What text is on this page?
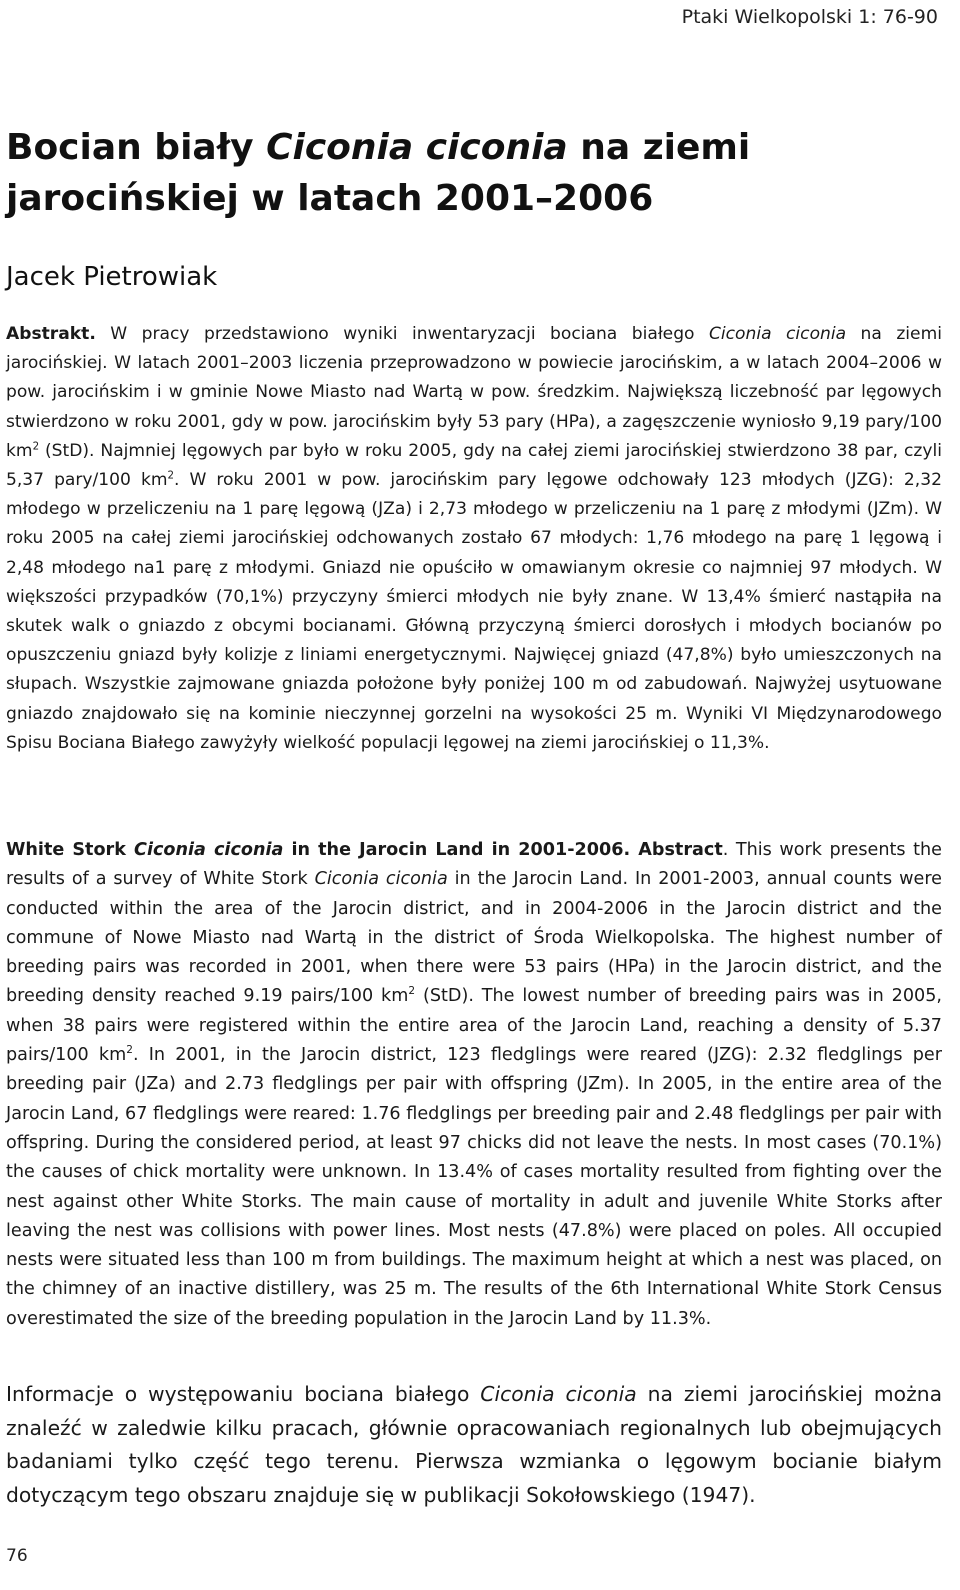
Ptaki Wielkopolski 1: 76-90
Bocian biały Ciconia ciconia na ziemi jarocińskiej w latach 2001–2006
Jacek Pietrowiak

Abstrakt. W pracy przedstawiono wyniki inwentaryzacji bociana białego Ciconia ciconia na ziemi jarocińskiej. W latach 2001–2003 liczenia przeprowadzono w powiecie jarocińskim, a w latach 2004–2006 w pow. jarocińskim i w gminie Nowe Miasto nad Wartą w pow. średzkim. Największą liczebność par lęgowych stwierdzono w roku 2001, gdy w pow. jarocińskim były 53 pary (HPa), a zagęszczenie wyniosło 9,19 pary/100 $km^2$ (StD). Najmniej lęgowych par było w roku 2005, gdy na całej ziemi jarocińskiej stwierdzono 38 par, czyli 5,37 pary/100 $km^2$. W roku 2001 w pow. jarocińskim pary lęgowe odchowały 123 młodych (JZG): 2,32 młodego w przeliczeniu na 1 parę lęgową (JZa) i 2,73 młodego w przeliczeniu na 1 parę z młodymi (JZm). W roku 2005 na całej ziemi jarocińskiej odchowanych zostało 67 młodych: 1,76 młodego na parę 1 lęgową i 2,48 młodego na1 parę z młodymi. Gniazd nie opuściło w omawianym okresie co najmniej 97 młodych. W większości przypadków (70,1%) przyczyny śmierci młodych nie były znane. W 13,4% śmierć nastąpiła na skutek walk o gniazdo z obcymi bocianami. Główną przyczyną śmierci dorosłych i młodych bocianów po opuszczeniu gniazd były kolizje z liniami energetycznymi. Najwięcej gniazd (47,8%) było umieszczonych na słupach. Wszystkie zajmowane gniazda położone były poniżej 100 m od zabudowań. Najwyżej usytuowane gniazdo znajdowało się na kominie nieczynnej gorzelni na wysokości 25 m. Wyniki VI Międzynarodowego Spisu Bociana Białego zawyżyły wielkość populacji lęgowej na ziemi jarocińskiej o 11,3%.

White Stork Ciconia ciconia in the Jarocin Land in 2001-2006. Abstract. This work presents the results of a survey of White Stork Ciconia ciconia in the Jarocin Land. In 2001-2003, annual counts were conducted within the area of the Jarocin district, and in 2004-2006 in the Jarocin district and the commune of Nowe Miasto nad Wartą in the district of Środa Wielkopolska. The highest number of breeding pairs was recorded in 2001, when there were 53 pairs (HPa) in the Jarocin district, and the breeding density reached 9.19 pairs/100 $km^2$ (StD). The lowest number of breeding pairs was in 2005, when 38 pairs were registered within the entire area of the Jarocin Land, reaching a density of 5.37 pairs/100 $km^2$. In 2001, in the Jarocin district, 123 fledglings were reared (JZG): 2.32 fledglings per breeding pair (JZa) and 2.73 fledglings per pair with offspring (JZm). In 2005, in the entire area of the Jarocin Land, 67 fledglings were reared: 1.76 fledglings per breeding pair and 2.48 fledglings per pair with offspring. During the considered period, at least 97 chicks did not leave the nests. In most cases (70.1%) the causes of chick mortality were unknown. In 13.4% of cases mortality resulted from fighting over the nest against other White Storks. The main cause of mortality in adult and juvenile White Storks after leaving the nest was collisions with power lines. Most nests (47.8%) were placed on poles. All occupied nests were situated less than 100 m from buildings. The maximum height at which a nest was placed, on the chimney of an inactive distillery, was 25 m. The results of the 6th International White Stork Census overestimated the size of the breeding population in the Jarocin Land by 11.3%.

Informacje o występowaniu bociana białego Ciconia ciconia na ziemi jarocińskiej można znaleźć w zaledwie kilku pracach, głównie opracowaniach regionalnych lub obejmujących badaniami tylko część tego terenu. Pierwsza wzmianka o lęgowym bocianie białym dotyczącym tego obszaru znajduje się w publikacji Sokołowskiego (1947).

76
